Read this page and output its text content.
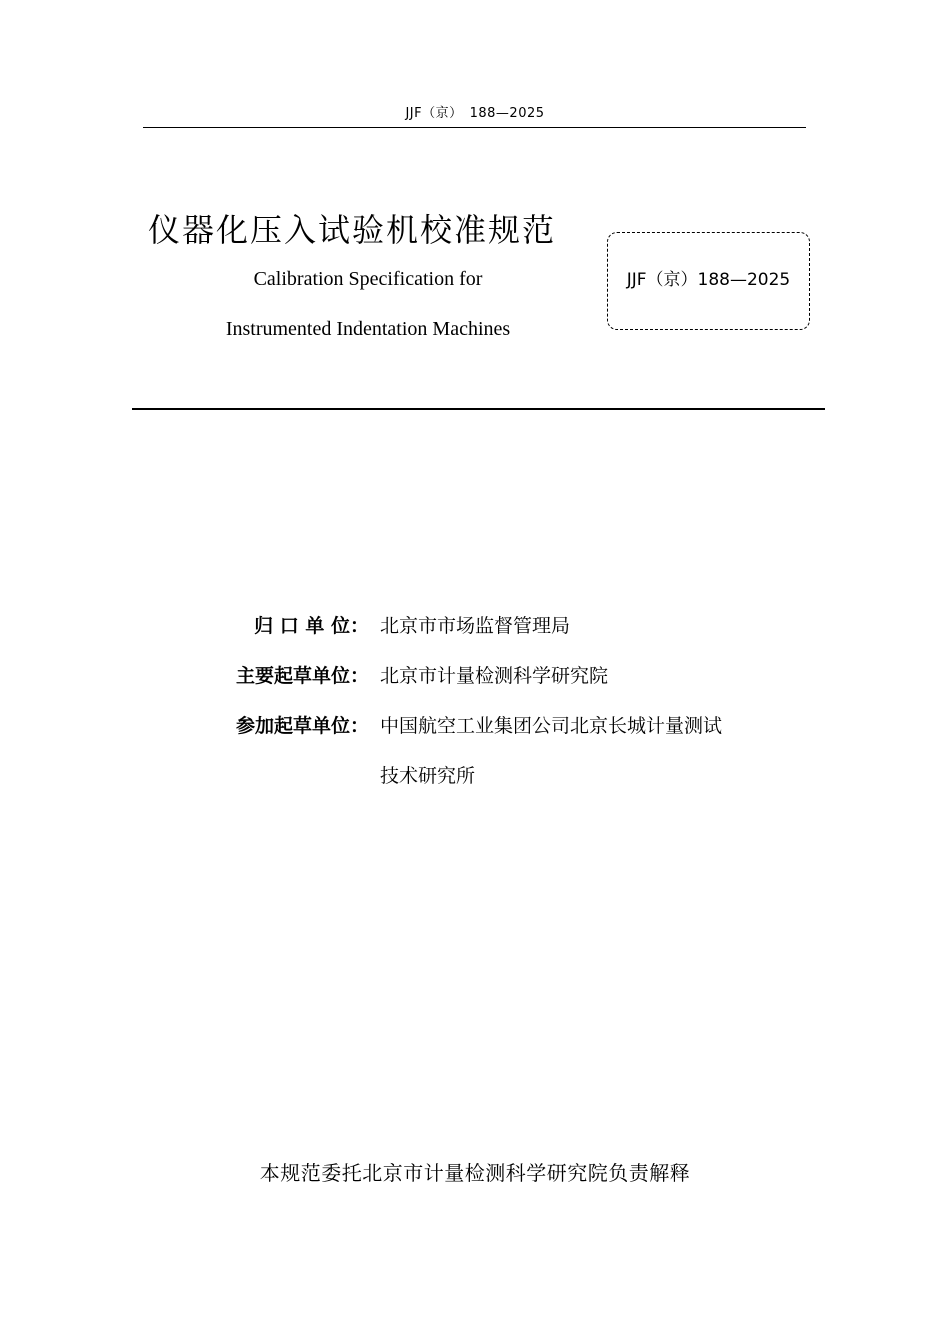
JJF（京）　188—2025
仪器化压入试验机校准规范
Calibration Specification for
Instrumented Indentation Machines
JJF（京）188—2025
归 口 单 位： 北京市市场监督管理局
主要起草单位： 北京市计量检测科学研究院
参加起草单位： 中国航空工业集团公司北京长城计量测试
技术研究所
本规范委托北京市计量检测科学研究院负责解释
